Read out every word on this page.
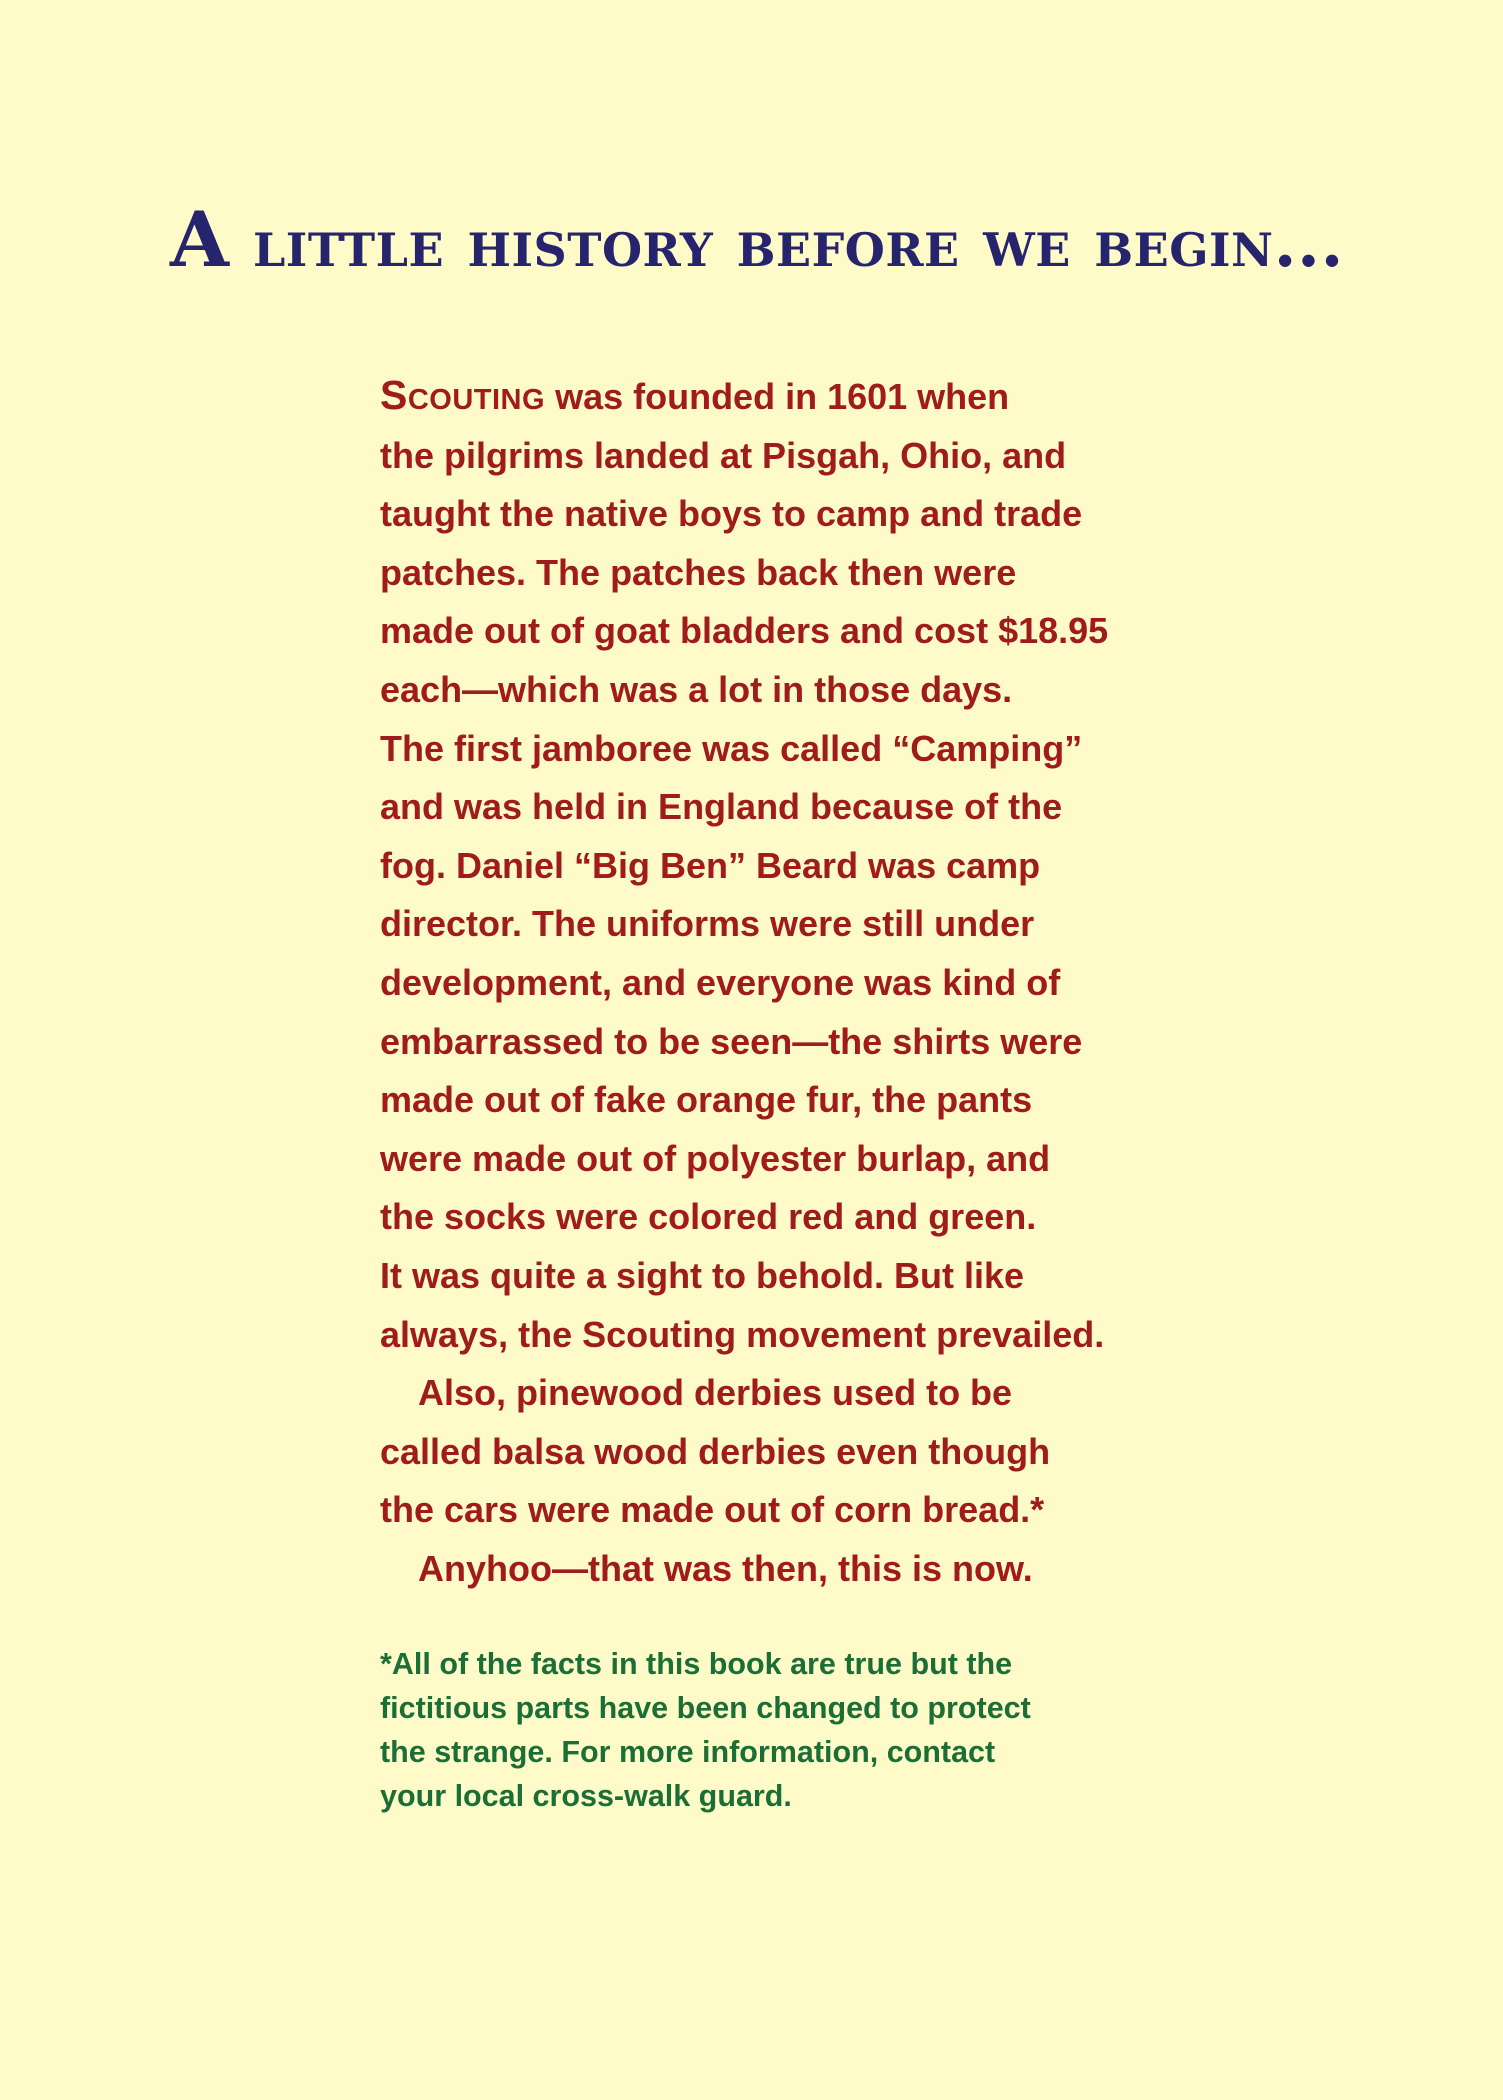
A little history before we begin...
Scouting was founded in 1601 when
the pilgrims landed at Pisgah, Ohio, and
taught the native boys to camp and trade
patches. The patches back then were
made out of goat bladders and cost $18.95
each—which was a lot in those days.
The first jamboree was called “Camping”
and was held in England because of the
fog. Daniel “Big Ben” Beard was camp
director. The uniforms were still under
development, and everyone was kind of
embarrassed to be seen—the shirts were
made out of fake orange fur, the pants
were made out of polyester burlap, and
the socks were colored red and green.
It was quite a sight to behold. But like
always, the Scouting movement prevailed.
Also, pinewood derbies used to be
called balsa wood derbies even though
the cars were made out of corn bread.*
Anyhoo—that was then, this is now.
*All of the facts in this book are true but the
fictitious parts have been changed to protect
the strange. For more information, contact
your local cross-walk guard.
